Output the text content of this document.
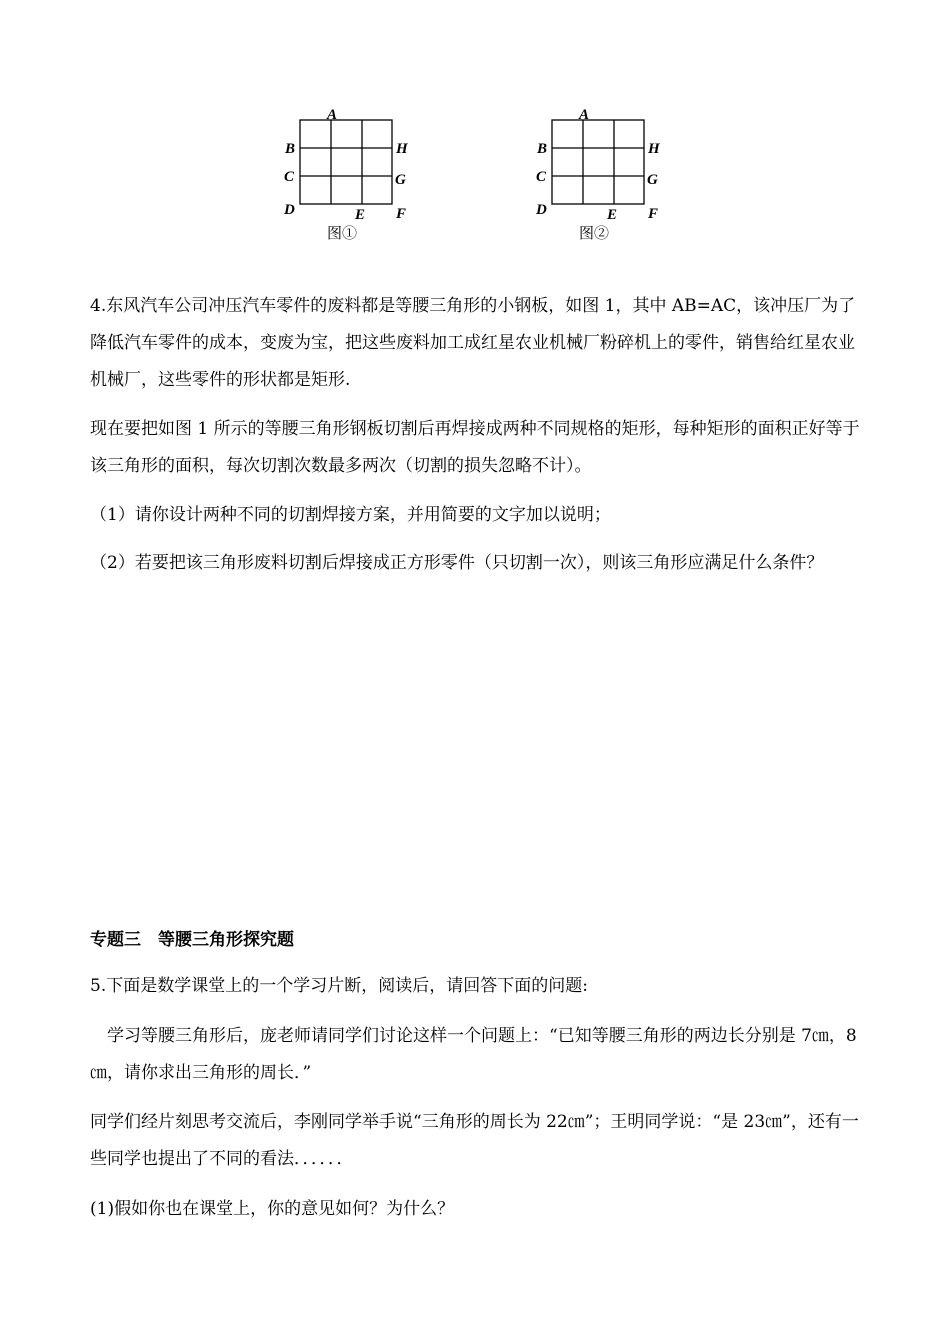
A
B
C
D	E F
G
H
图①
A
B
C
D	E F
G
H
图②

4.东风汽车公司冲压汽车零件的废料都是等腰三角形的小钢板，如图 1，其中 AB=AC，该冲压厂为了降低汽车零件的成本，变废为宝，把这些废料加工成红星农业机械厂粉碎机上的零件，销售给红星农业机械厂，这些零件的形状都是矩形.

现在要把如图 1 所示的等腰三角形钢板切割后再焊接成两种不同规格的矩形，每种矩形的面积正好等于该三角形的面积，每次切割次数最多两次（切割的损失忽略不计）。

（1）请你设计两种不同的切割焊接方案，并用简要的文字加以说明；

（2）若要把该三角形废料切割后焊接成正方形零件（只切割一次），则该三角形应满足什么条件？

专题三　等腰三角形探究题

5.下面是数学课堂上的一个学习片断，阅读后，请回答下面的问题:

　学习等腰三角形后，庞老师请同学们讨论这样一个问题上：“已知等腰三角形的两边长分别是 7㎝，8㎝，请你求出三角形的周长．”

同学们经片刻思考交流后，李刚同学举手说“三角形的周长为 22㎝”；王明同学说：“是 23㎝”，还有一些同学也提出了不同的看法．．．．．．

(1)假如你也在课堂上，你的意见如何？为什么？
